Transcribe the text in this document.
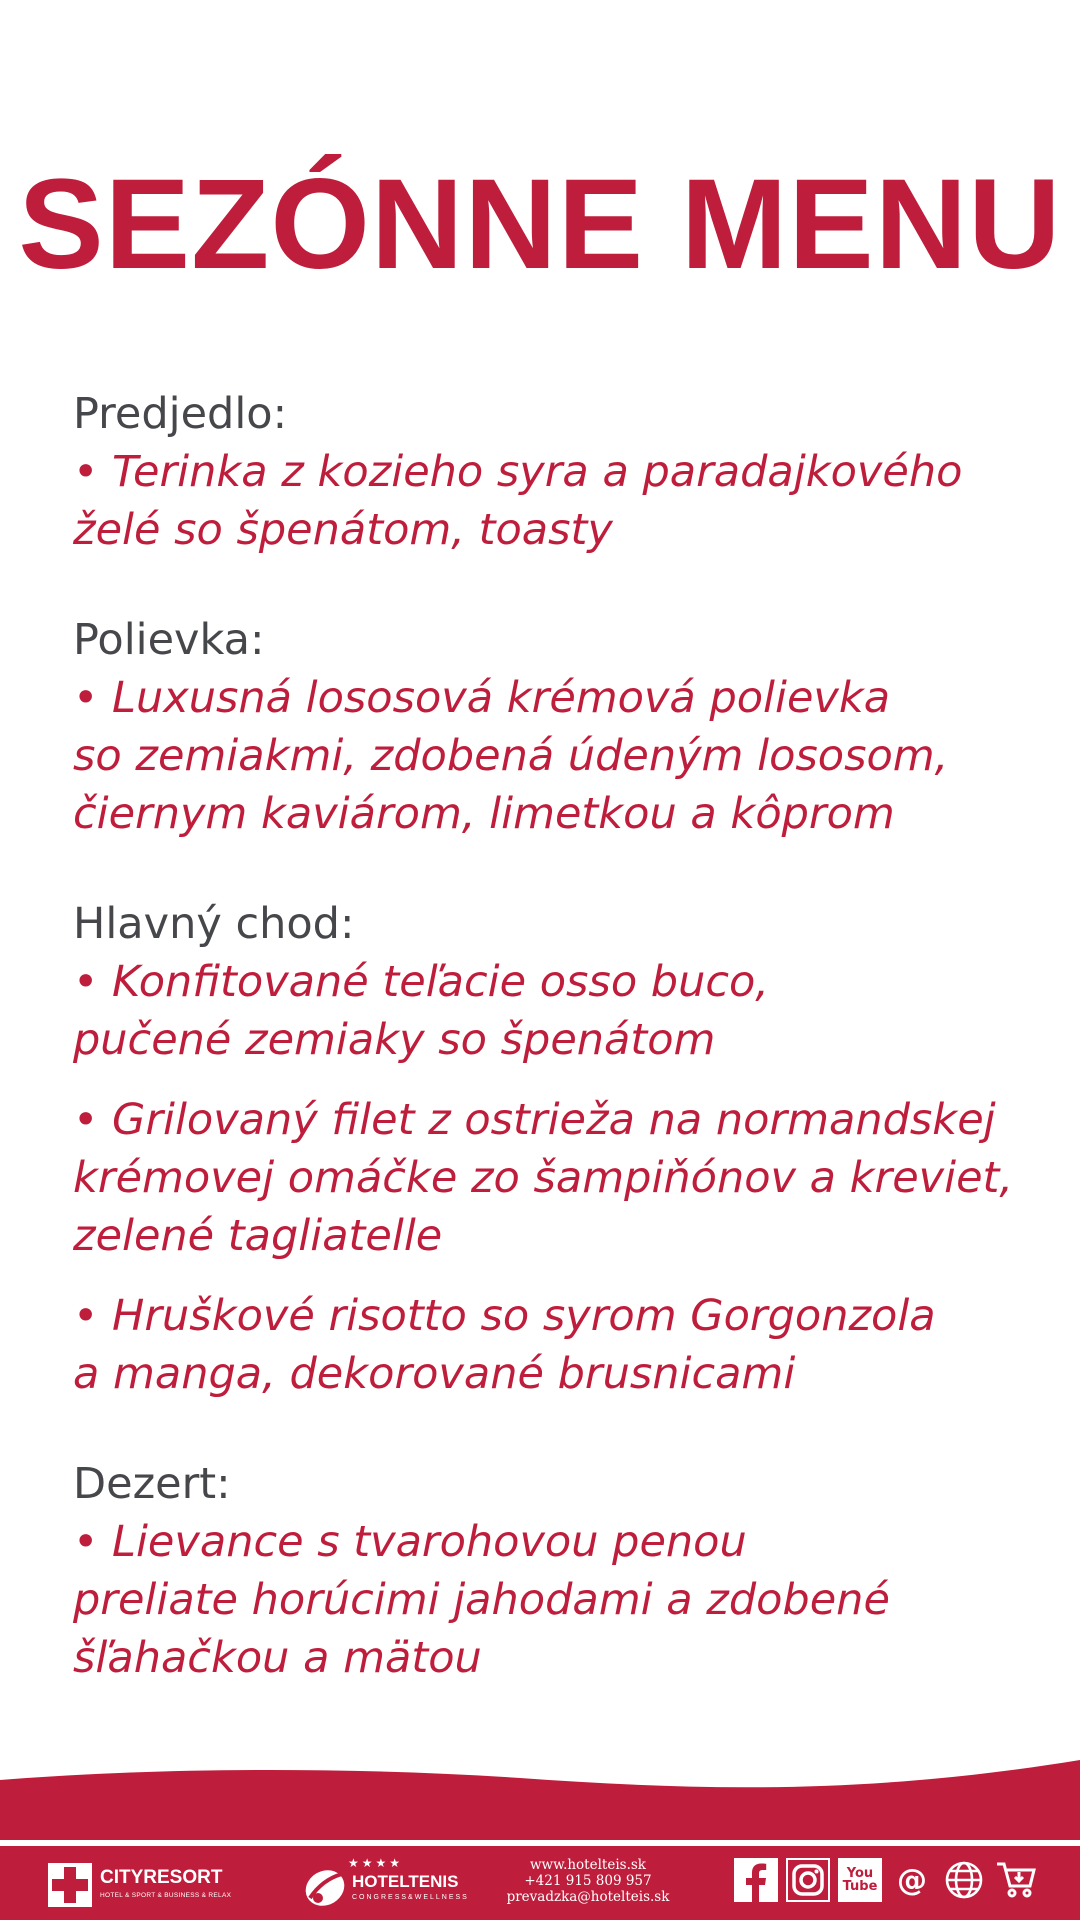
SEZÓNNE MENU
Predjedlo:
• Terinka z kozieho syra a paradajkového
želé so špenátom, toasty
Polievka:
• Luxusná lososová krémová polievka
so zemiakmi, zdobená údeným lososom,
čiernym kaviárom, limetkou a kôprom
Hlavný chod:
• Konfitované teľacie osso buco,
pučené zemiaky so špenátom
• Grilovaný filet z ostrieža na normandskej
krémovej omáčke zo šampiňónov a kreviet,
zelené tagliatelle
• Hruškové risotto so syrom Gorgonzola
a manga, dekorované brusnicami
Dezert:
• Lievance s tvarohovou penou
preliate horúcimi jahodami a zdobené
šľahačkou a mätou
CITYRESORT
HOTEL & SPORT & BUSINESS & RELAX
★★★★
HOTELTENIS
CONGRESS&WELLNESS
www.hotelteis.sk
+421 915 809 957
prevadzka@hotelteis.sk
You
Tube @
